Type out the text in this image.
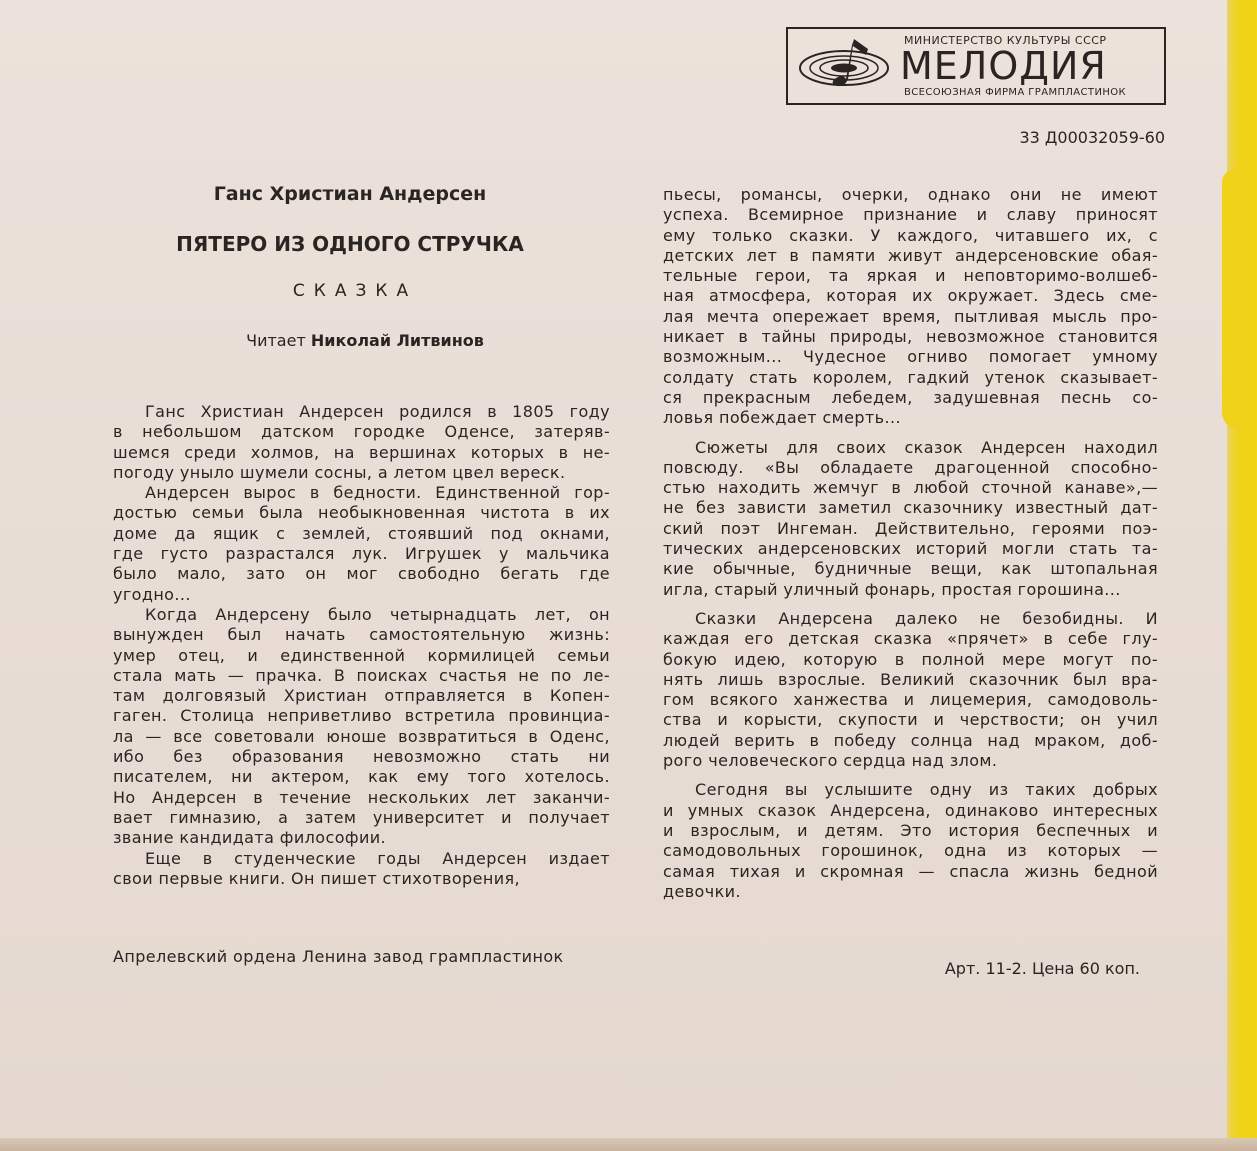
МИНИСТЕРСТВО КУЛЬТУРЫ СССР
МЕЛОДИЯ
ВСЕСОЮЗНАЯ ФИРМА ГРАМПЛАСТИНОК
33 Д00032059-60
Ганс Христиан Андерсен
ПЯТЕРО ИЗ ОДНОГО СТРУЧКА
СКАЗКА
Читает Николай Литвинов
Ганс Христиан Андерсен родился в 1805 году
в небольшом датском городке Оденсе, затеряв-
шемся среди холмов, на вершинах которых в не-
погоду уныло шумели сосны, а летом цвел вереск.
Андерсен вырос в бедности. Единственной гор-
достью семьи была необыкновенная чистота в их
доме да ящик с землей, стоявший под окнами,
где густо разрастался лук. Игрушек у мальчика
было мало, зато он мог свободно бегать где
угодно...
Когда Андерсену было четырнадцать лет, он
вынужден был начать самостоятельную жизнь:
умер отец, и единственной кормилицей семьи
стала мать — прачка. В поисках счастья не по ле-
там долговязый Христиан отправляется в Копен-
гаген. Столица неприветливо встретила провинциа-
ла — все советовали юноше возвратиться в Оденс,
ибо без образования невозможно стать ни
писателем, ни актером, как ему того хотелось.
Но Андерсен в течение нескольких лет заканчи-
вает гимназию, а затем университет и получает
звание кандидата философии.
Еще в студенческие годы Андерсен издает
свои первые книги. Он пишет стихотворения,
пьесы, романсы, очерки, однако они не имеют
успеха. Всемирное признание и славу приносят
ему только сказки. У каждого, читавшего их, с
детских лет в памяти живут андерсеновские обая-
тельные герои, та яркая и неповторимо-волшеб-
ная атмосфера, которая их окружает. Здесь сме-
лая мечта опережает время, пытливая мысль про-
никает в тайны природы, невозможное становится
возможным... Чудесное огниво помогает умному
солдату стать королем, гадкий утенок сказывает-
ся прекрасным лебедем, задушевная песнь со-
ловья побеждает смерть...
Сюжеты для своих сказок Андерсен находил
повсюду. «Вы обладаете драгоценной способно-
стью находить жемчуг в любой сточной канаве»,—
не без зависти заметил сказочнику известный дат-
ский поэт Ингеман. Действительно, героями поэ-
тических андерсеновских историй могли стать та-
кие обычные, будничные вещи, как штопальная
игла, старый уличный фонарь, простая горошина...
Сказки Андерсена далеко не безобидны. И
каждая его детская сказка «прячет» в себе глу-
бокую идею, которую в полной мере могут по-
нять лишь взрослые. Великий сказочник был вра-
гом всякого ханжества и лицемерия, самодоволь-
ства и корысти, скупости и черствости; он учил
людей верить в победу солнца над мраком, доб-
рого человеческого сердца над злом.
Сегодня вы услышите одну из таких добрых
и умных сказок Андерсена, одинаково интересных
и взрослым, и детям. Это история беспечных и
самодовольных горошинок, одна из которых —
самая тихая и скромная — спасла жизнь бедной
девочки.
Апрелевский ордена Ленина завод грампластинок
Арт. 11-2. Цена 60 коп.
